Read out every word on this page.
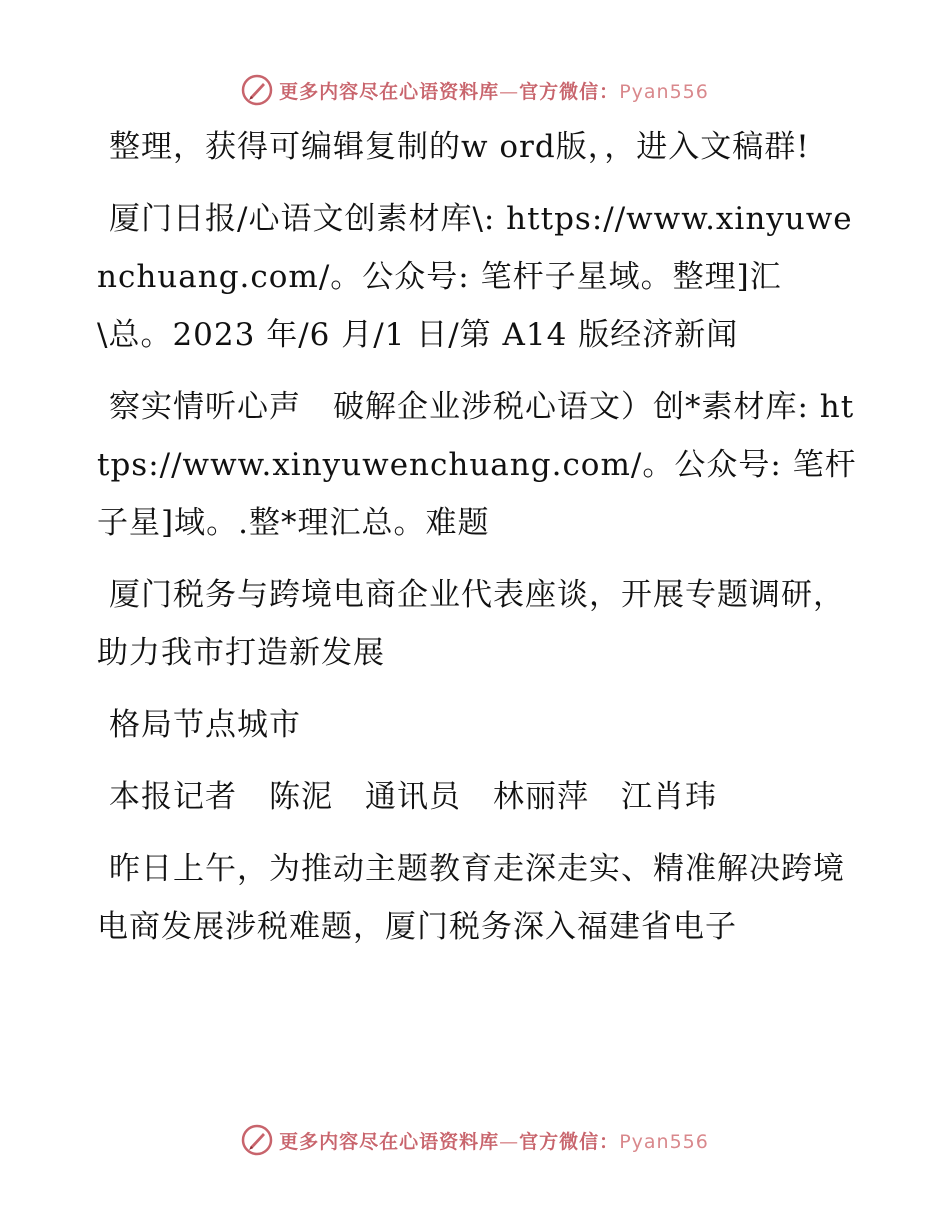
更多内容尽在心语资料库—官方微信：Pyan556

整理，获得可编辑复制的w ord版，，进入文稿群!

厦门日报/心语文创素材库\: https://www.xinyuwenchuang.com/。公众号: 笔杆子星域。整理]汇\总。2023 年/6 月/1 日/第 A14 版经济新闻

察实情听心声　破解企业涉税心语文）创*素材库: https://www.xinyuwenchuang.com/。公众号: 笔杆子星]域。.整*理汇总。难题

厦门税务与跨境电商企业代表座谈，开展专题调研，助力我市打造新发展

格局节点城市

本报记者　陈泥　通讯员　林丽萍　江肖玮

昨日上午，为推动主题教育走深走实、精准解决跨境电商发展涉税难题，厦门税务深入福建省电子

更多内容尽在心语资料库—官方微信：Pyan556
